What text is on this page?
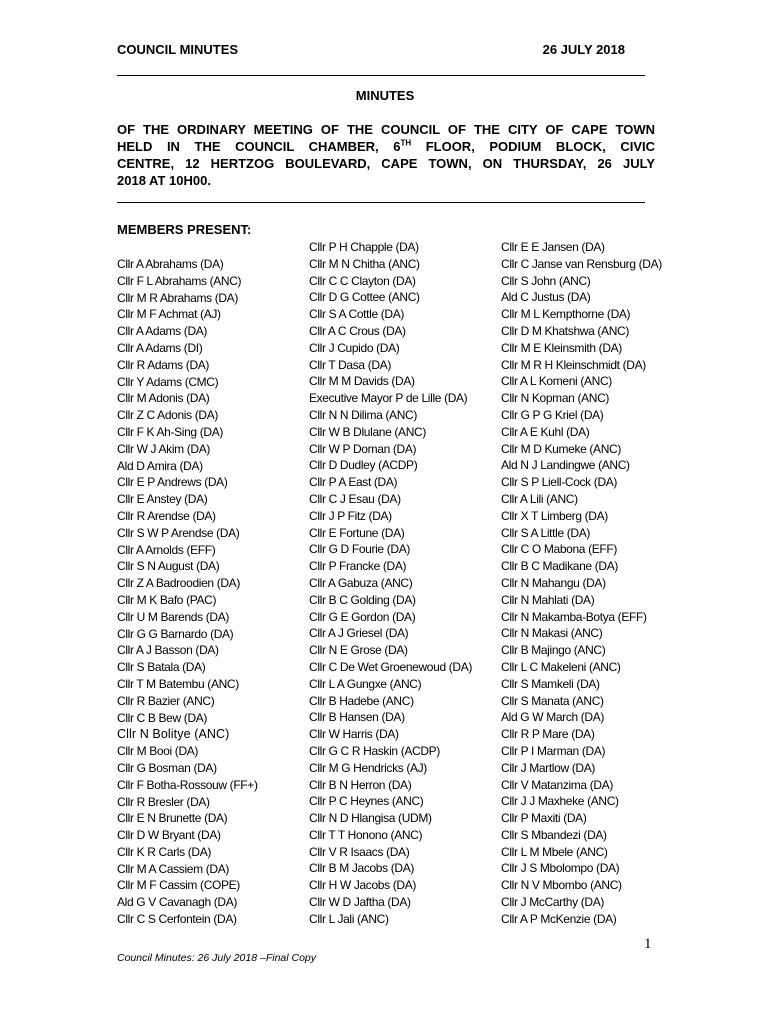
COUNCIL MINUTES	26 JULY 2018
MINUTES
OF THE ORDINARY MEETING OF THE COUNCIL OF THE CITY OF CAPE TOWN
HELD IN THE COUNCIL CHAMBER, 6TH FLOOR, PODIUM BLOCK, CIVIC
CENTRE, 12 HERTZOG BOULEVARD, CAPE TOWN, ON THURSDAY, 26 JULY
2018 AT 10H00.
MEMBERS PRESENT:
Cllr A Abrahams (DA)
Cllr F L Abrahams (ANC)
Cllr M R Abrahams (DA)
Cllr M F Achmat (AJ)
Cllr A Adams (DA)
Cllr A Adams (DI)
Cllr R Adams (DA)
Cllr Y Adams (CMC)
Cllr M Adonis (DA)
Cllr Z C Adonis (DA)
Cllr F K Ah-Sing (DA)
Cllr W J Akim (DA)
Ald D Amira (DA)
Cllr E P Andrews (DA)
Cllr E Anstey (DA)
Cllr R Arendse (DA)
Cllr S W P Arendse (DA)
Cllr A Arnolds (EFF)
Cllr S N August (DA)
Cllr Z A Badroodien (DA)
Cllr M K Bafo (PAC)
Cllr U M Barends (DA)
Cllr G G Barnardo (DA)
Cllr A J Basson (DA)
Cllr S Batala (DA)
Cllr T M Batembu (ANC)
Cllr R Bazier (ANC)
Cllr C B Bew (DA)
Cllr N Bolitye (ANC)
Cllr M Booi (DA)
Cllr G Bosman (DA)
Cllr F Botha-Rossouw (FF+)
Cllr R Bresler (DA)
Cllr E N Brunette (DA)
Cllr D W Bryant (DA)
Cllr K R Carls (DA)
Cllr M A Cassiem (DA)
Cllr M F Cassim (COPE)
Ald G V Cavanagh (DA)
Cllr C S Cerfontein (DA)
Cllr P H Chapple (DA)
Cllr M N Chitha (ANC)
Cllr C C Clayton (DA)
Cllr D G Cottee (ANC)
Cllr S A Cottle (DA)
Cllr A C Crous (DA)
Cllr J Cupido (DA)
Cllr T Dasa (DA)
Cllr M M Davids (DA)
Executive Mayor P de Lille (DA)
Cllr N N Dilima (ANC)
Cllr W B Dlulane (ANC)
Cllr W P Doman (DA)
Cllr D Dudley (ACDP)
Cllr P A East (DA)
Cllr C J Esau (DA)
Cllr J P Fitz (DA)
Cllr E Fortune (DA)
Cllr G D Fourie (DA)
Cllr P Francke (DA)
Cllr A Gabuza (ANC)
Cllr B C Golding (DA)
Cllr G E Gordon (DA)
Cllr A J Griesel (DA)
Cllr N E Grose (DA)
Cllr C De Wet Groenewoud (DA)
Cllr L A Gungxe (ANC)
Cllr B Hadebe (ANC)
Cllr B Hansen (DA)
Cllr W Harris (DA)
Cllr G C R Haskin (ACDP)
Cllr M G Hendricks (AJ)
Cllr B N Herron (DA)
Cllr P C Heynes (ANC)
Cllr N D Hlangisa (UDM)
Cllr T T Honono (ANC)
Cllr V R Isaacs (DA)
Cllr B M Jacobs (DA)
Cllr H W Jacobs (DA)
Cllr W D Jaftha (DA)
Cllr L Jali (ANC)
Cllr E E Jansen (DA)
Cllr C Janse van Rensburg (DA)
Cllr S John (ANC)
Ald C Justus (DA)
Cllr M L Kempthorne (DA)
Cllr D M Khatshwa (ANC)
Cllr M E Kleinsmith (DA)
Cllr M R H Kleinschmidt (DA)
Cllr A L Komeni (ANC)
Cllr N Kopman (ANC)
Cllr G P G Kriel (DA)
Cllr A E Kuhl (DA)
Cllr M D Kumeke (ANC)
Ald N J Landingwe (ANC)
Cllr S P Liell-Cock (DA)
Cllr A Lili (ANC)
Cllr X T Limberg (DA)
Cllr S A Little (DA)
Cllr C O Mabona (EFF)
Cllr B C Madikane (DA)
Cllr N Mahangu (DA)
Cllr N Mahlati (DA)
Cllr N Makamba-Botya (EFF)
Cllr N Makasi (ANC)
Cllr B Majingo (ANC)
Cllr L C Makeleni (ANC)
Cllr S Mamkeli (DA)
Cllr S Manata (ANC)
Ald G W March (DA)
Cllr R P Mare (DA)
Cllr P I Marman (DA)
Cllr J Martlow (DA)
Cllr V Matanzima (DA)
Cllr J J Maxheke (ANC)
Cllr P Maxiti (DA)
Cllr S Mbandezi (DA)
Cllr L M Mbele (ANC)
Cllr J S Mbolompo (DA)
Cllr N V Mbombo (ANC)
Cllr J McCarthy (DA)
Cllr A P McKenzie (DA)
1
Council Minutes: 26 July 2018 –Final Copy
